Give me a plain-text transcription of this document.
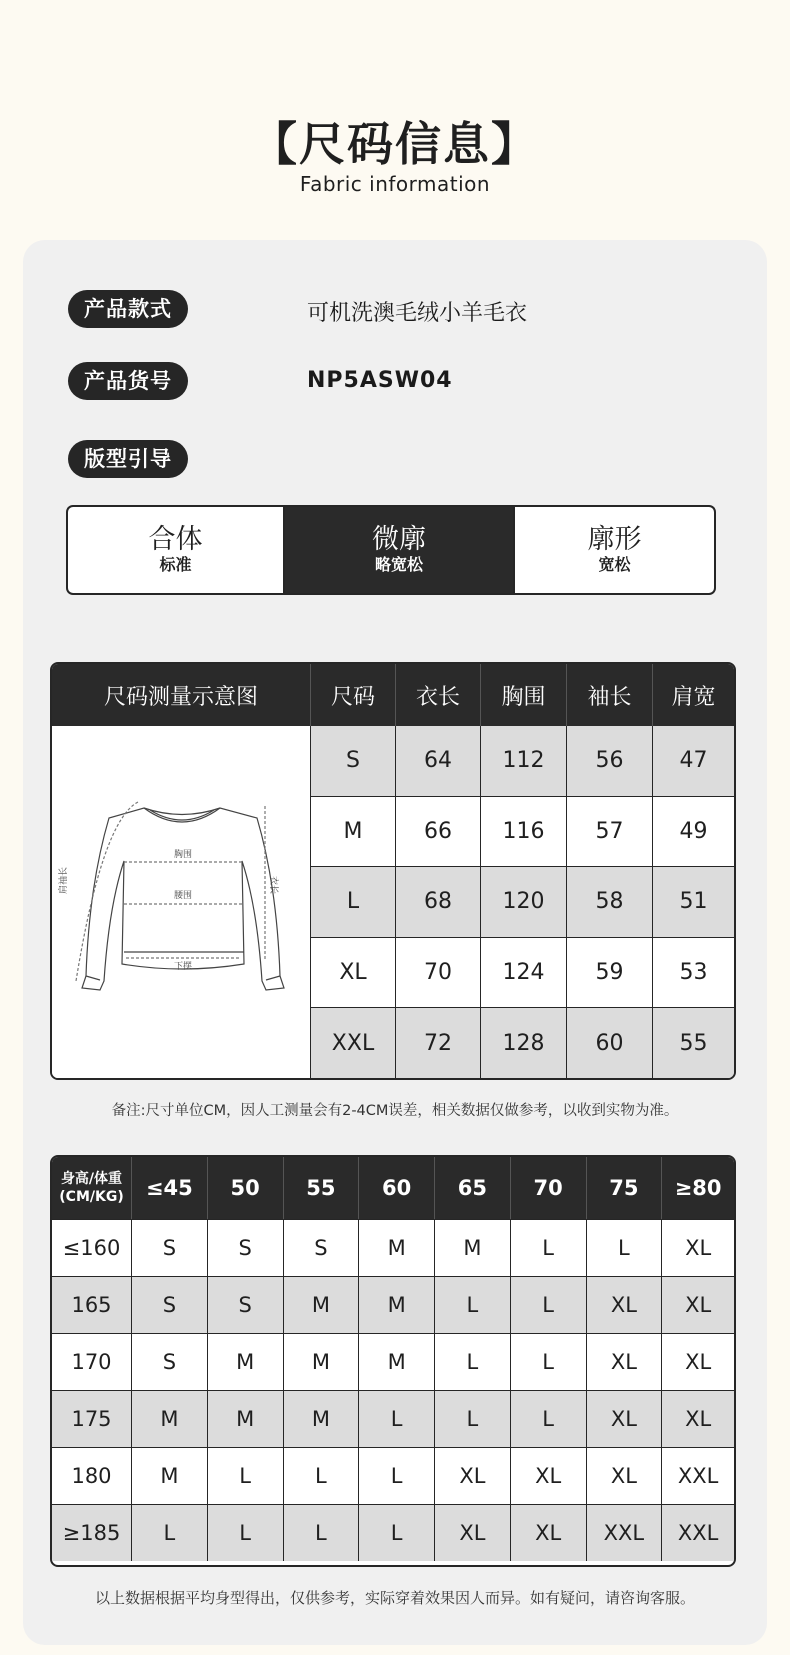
【尺码信息】
Fabric information
产品款式	可机洗澳毛绒小羊毛衣
产品货号	NP5ASW04
版型引导
合体
标准
微廓
略宽松
廓形
宽松
尺码测量示意图	尺码	衣长	胸围	袖长	肩宽
胸围
腰围
下摆
衣长
肩袖长
S	64	112	56	47
M	66	116	57	49
L	68	120	58	51
XL	70	124	59	53
XXL	72	128	60	55
备注:尺寸单位CM，因人工测量会有2-4CM误差，相关数据仅做参考，以收到实物为准。
身高/体重
(CM/KG)	≤45	50	55	60	65	70	75	≥80
≤160	S	S	S	M	M	L	L	XL
165	S	S	M	M	L	L	XL	XL
170	S	M	M	M	L	L	XL	XL
175	M	M	M	L	L	L	XL	XL
180	M	L	L	L	XL	XL	XL	XXL
≥185	L	L	L	L	XL	XL	XXL	XXL
以上数据根据平均身型得出，仅供参考，实际穿着效果因人而异。如有疑问，请咨询客服。
